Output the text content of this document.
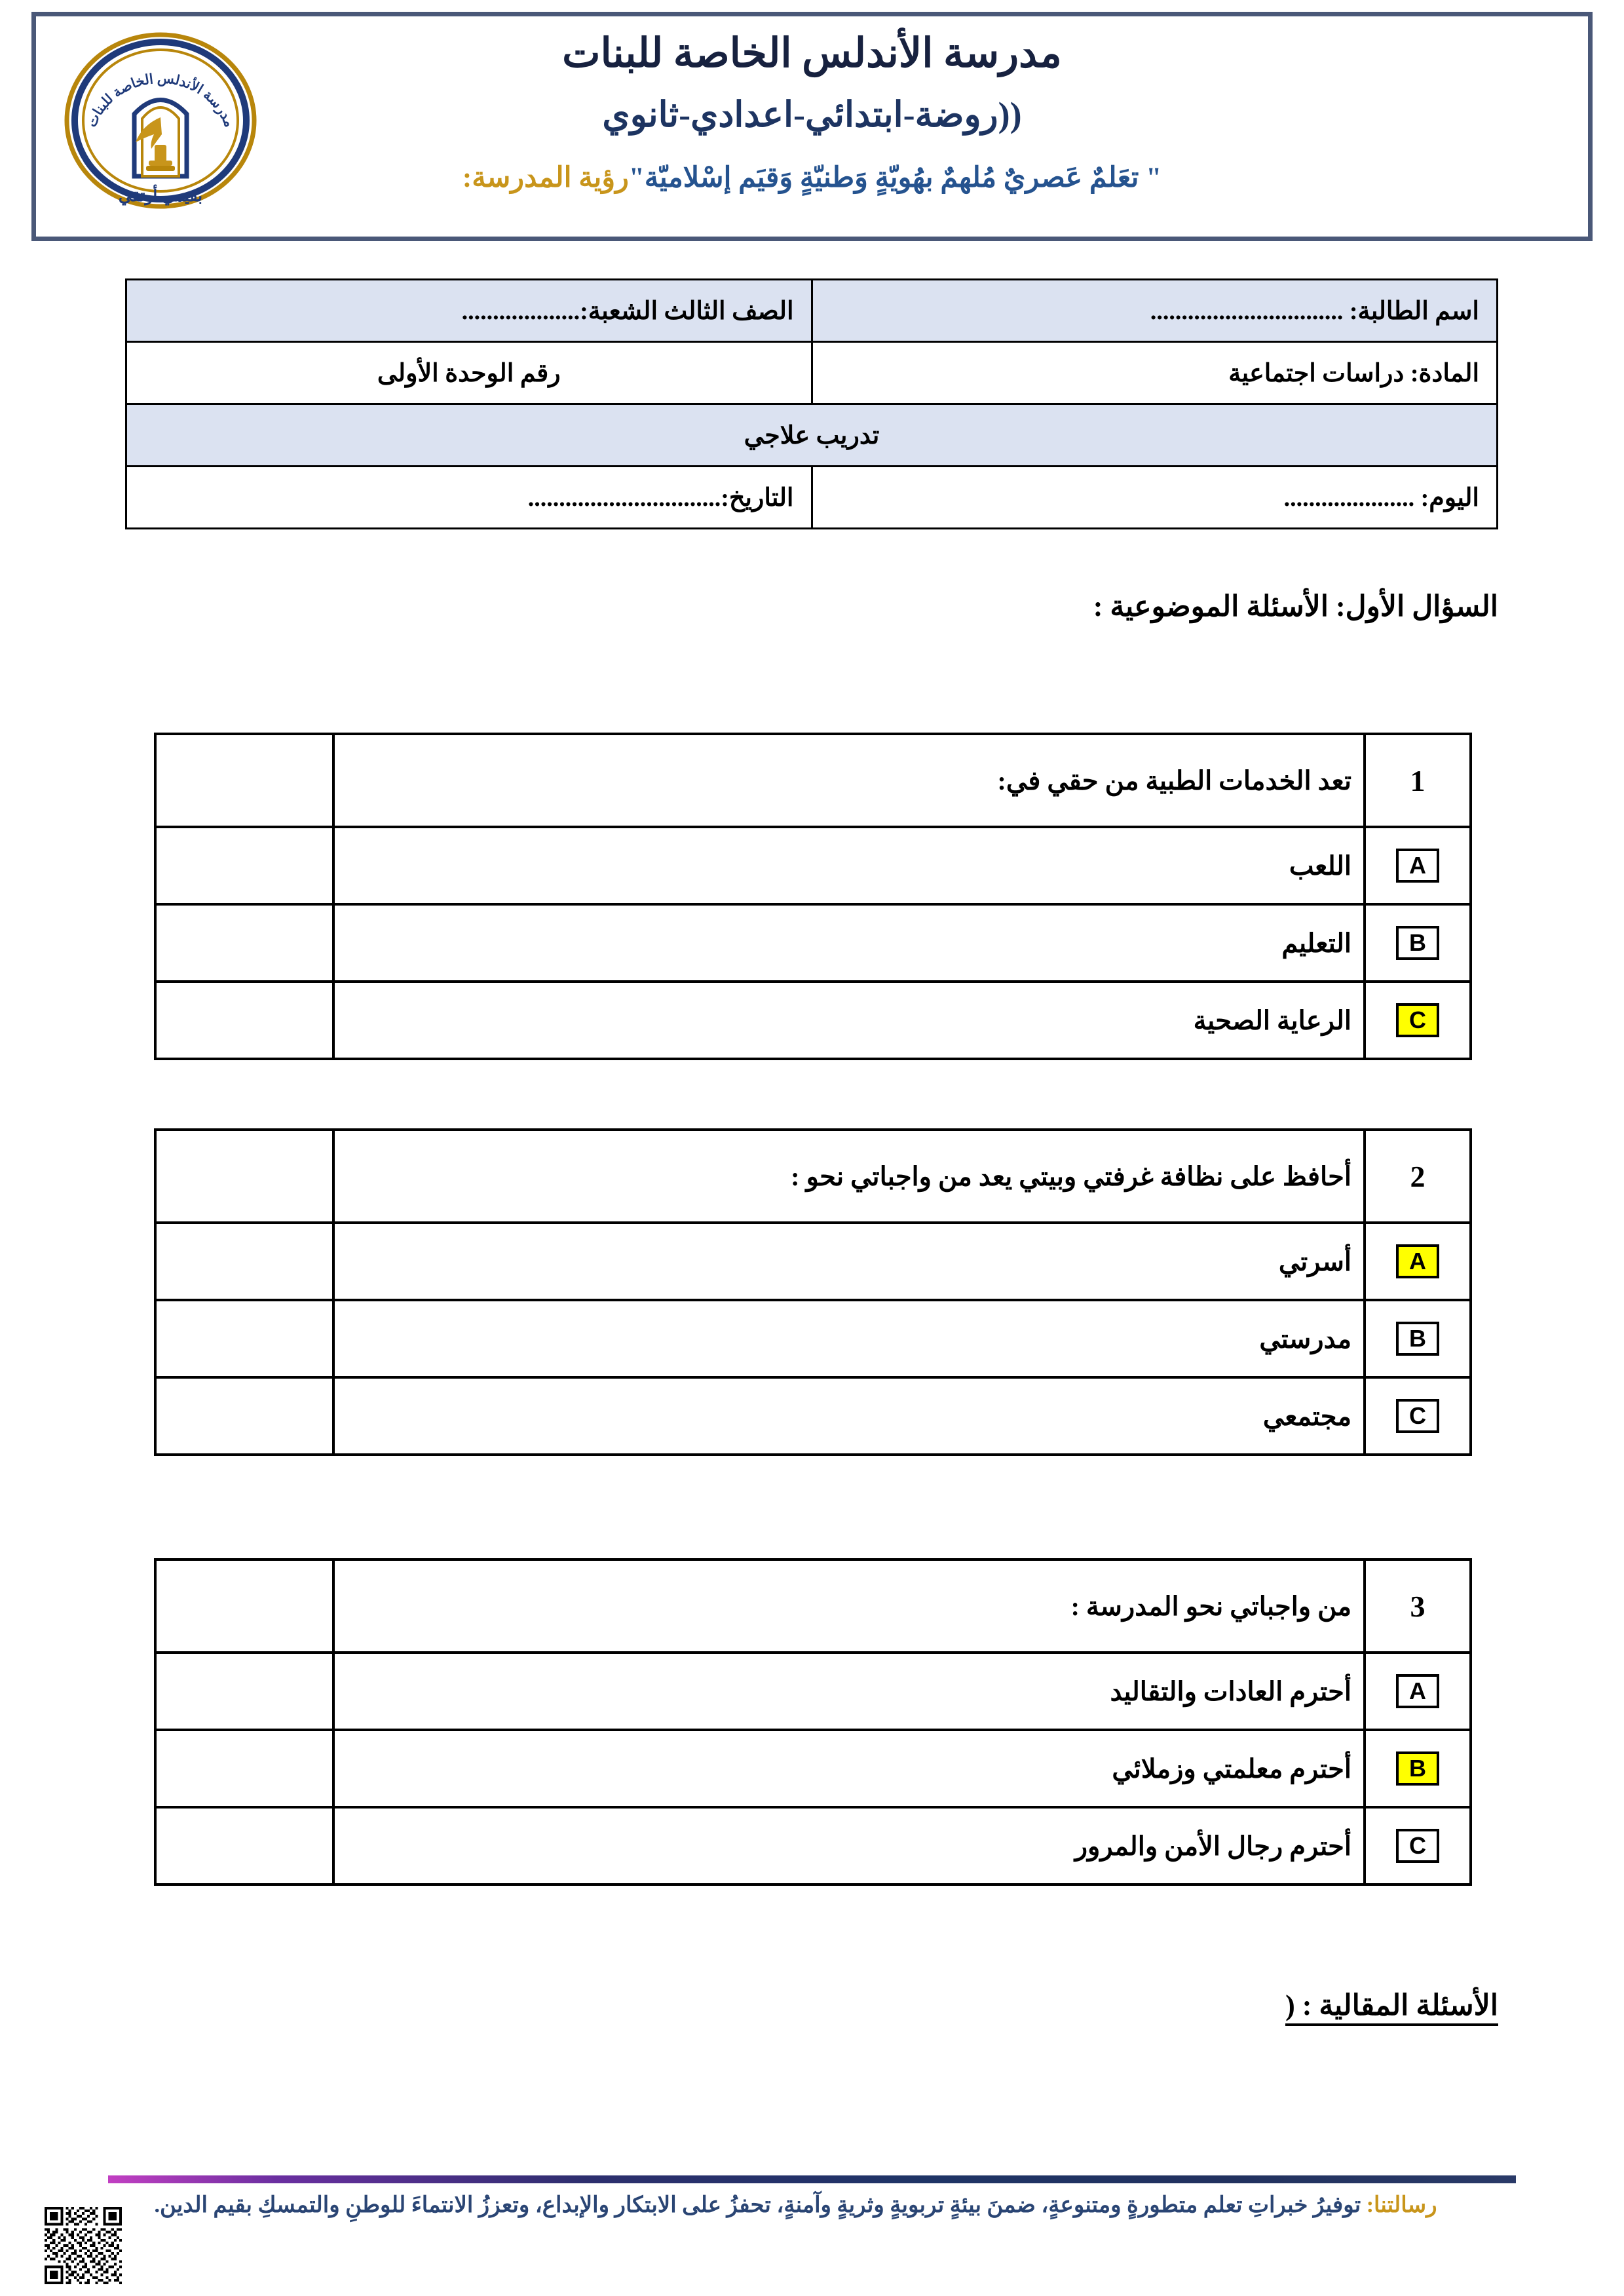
مدرسة الأندلس الخاصة للبنات
((روضة-ابتدائي-اعدادي-ثانوي
" تعَلمٌ عَصريٌ مُلهمٌ بهُويّةٍ وَطنيّةٍ وَقيَم إسْلاميّة"رؤية المدرسة:
مدرسة الأندلس الخاصة للبنات
بقيمي أرتقي
اسم الطالبة: ...............................	الصف الثالث الشعبة:...................
المادة: دراسات اجتماعية	رقم الوحدة الأولى
تدريب علاجي	
اليوم: .....................	التاريخ:...............................
السؤال الأول: الأسئلة الموضوعية :
1	تعد الخدمات الطبية من حقي في:	
A	اللعب	
B	التعليم	
C	الرعاية الصحية	
2	أحافظ على نظافة غرفتي وبيتي يعد من واجباتي نحو :	
A	أسرتي	
B	مدرستي	
C	مجتمعي	
3	من واجباتي نحو المدرسة :	
A	أحترم العادات والتقاليد	
B	أحترم معلمتي وزملائي	
C	أحترم رجال الأمن والمرور	
الأسئلة المقالية : (
رسالتنا: توفيرُ خبراتِ تعلم متطورةٍ ومتنوعةٍ، ضمنَ بيئةٍ تربويةٍ وثريةٍ وآمنةٍ، تحفزُ على الابتكار والإبداع، وتعززُ الانتماءَ للوطنِ والتمسكِ بقيم الدين.
